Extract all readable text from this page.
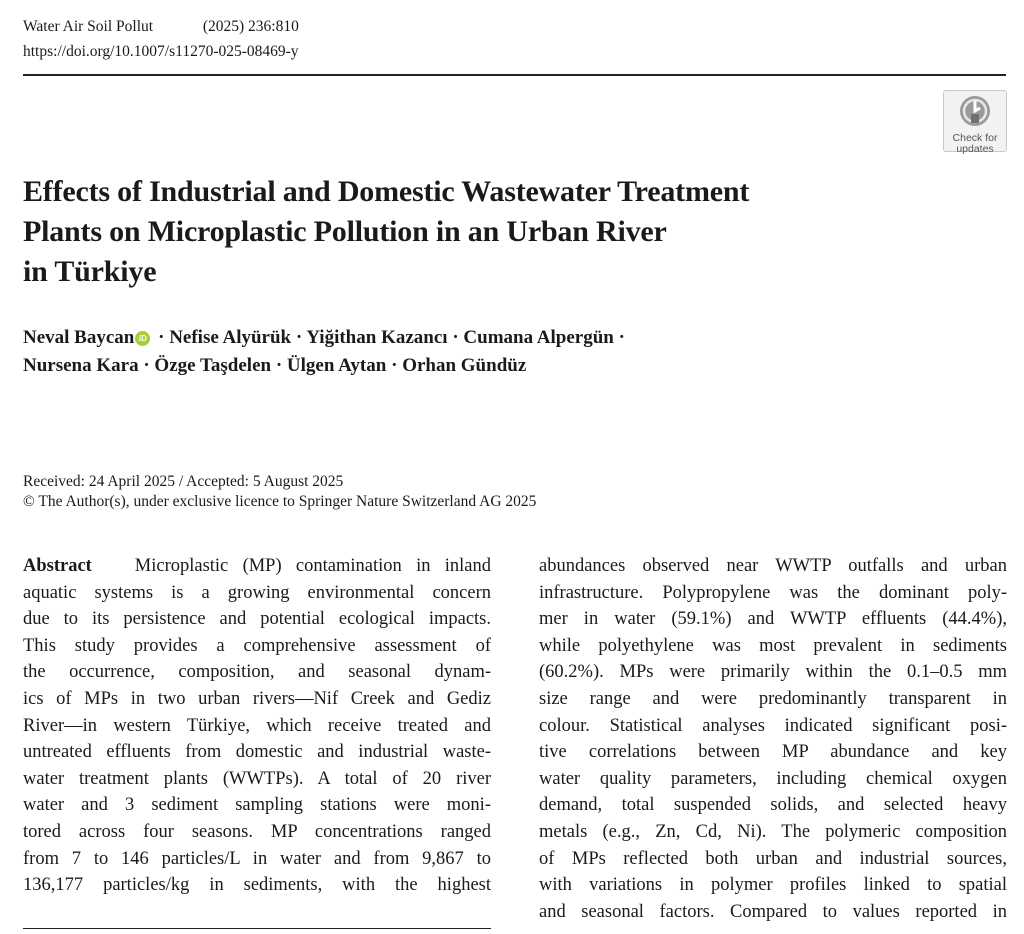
Water Air Soil Pollut	(2025) 236:810
https://doi.org/10.1007/s11270-025-08469-y
Check for
updates
Effects of Industrial and Domestic Wastewater Treatment
Plants on Microplastic Pollution in an Urban River
in Türkiye
Neval Baycan iD · Nefise Alyürük · Yiğithan Kazancı · Cumana Alpergün ·
Nursena Kara · Özge Taşdelen · Ülgen Aytan · Orhan Gündüz
Received: 24 April 2025 / Accepted: 5 August 2025
© The Author(s), under exclusive licence to Springer Nature Switzerland AG 2025
Abstract Microplastic (MP) contamination in inland
aquatic systems is a growing environmental concern
due to its persistence and potential ecological impacts.
This study provides a comprehensive assessment of
the occurrence, composition, and seasonal dynam-
ics of MPs in two urban rivers—Nif Creek and Gediz
River—in western Türkiye, which receive treated and
untreated effluents from domestic and industrial waste-
water treatment plants (WWTPs). A total of 20 river
water and 3 sediment sampling stations were moni-
tored across four seasons. MP concentrations ranged
from 7 to 146 particles/L in water and from 9,867 to
136,177 particles/kg in sediments, with the highest
abundances observed near WWTP outfalls and urban
infrastructure. Polypropylene was the dominant poly-
mer in water (59.1%) and WWTP effluents (44.4%),
while polyethylene was most prevalent in sediments
(60.2%). MPs were primarily within the 0.1–0.5 mm
size range and were predominantly transparent in
colour. Statistical analyses indicated significant posi-
tive correlations between MP abundance and key
water quality parameters, including chemical oxygen
demand, total suspended solids, and selected heavy
metals (e.g., Zn, Cd, Ni). The polymeric composition
of MPs reflected both urban and industrial sources,
with variations in polymer profiles linked to spatial
and seasonal factors. Compared to values reported in
